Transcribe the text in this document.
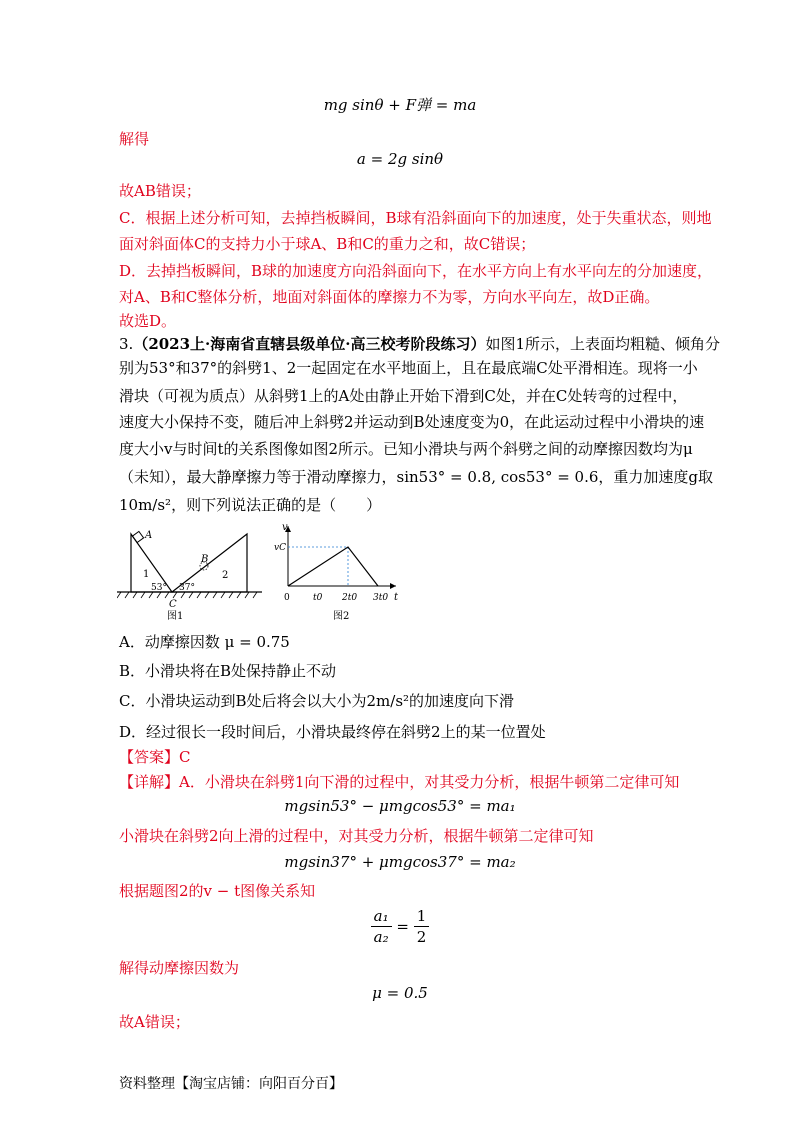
mg sinθ + F弹 = ma
解得
a = 2g sinθ
故AB错误；
C．根据上述分析可知，去掉挡板瞬间，B球有沿斜面向下的加速度，处于失重状态，则地
面对斜面体C的支持力小于球A、B和C的重力之和，故C错误；
D．去掉挡板瞬间，B球的加速度方向沿斜面向下，在水平方向上有水平向左的分加速度，
对A、B和C整体分析，地面对斜面体的摩擦力不为零，方向水平向左，故D正确。
故选D。
3.（2023上·海南省直辖县级单位·高三校考阶段练习）如图1所示，上表面均粗糙、倾角分
别为53°和37°的斜劈1、2一起固定在水平地面上，且在最底端C处平滑相连。现将一小
滑块（可视为质点）从斜劈1上的A处由静止开始下滑到C处，并在C处转弯的过程中，
速度大小保持不变，随后冲上斜劈2并运动到B处速度变为0，在此运动过程中小滑块的速
度大小v与时间t的关系图像如图2所示。已知小滑块与两个斜劈之间的动摩擦因数均为μ
（未知），最大静摩擦力等于滑动摩擦力，sin53° = 0.8, cos53° = 0.6，重力加速度g取
10m/s²，则下列说法正确的是（　　）
A
B
C
1	2
53° 37°
图1
v
vC
t
0	t0 2t0 3t0
图2
A．动摩擦因数 μ = 0.75
B．小滑块将在B处保持静止不动
C．小滑块运动到B处后将会以大小为2m/s²的加速度向下滑
D．经过很长一段时间后，小滑块最终停在斜劈2上的某一位置处
【答案】C
【详解】A．小滑块在斜劈1向下滑的过程中，对其受力分析，根据牛顿第二定律可知
mgsin53° − μmgcos53° = ma₁
小滑块在斜劈2向上滑的过程中，对其受力分析，根据牛顿第二定律可知
mgsin37° + μmgcos37° = ma₂
根据题图2的v − t图像关系知
$\frac{\text{a₁}}{\text{a₂}} = \frac{1}{2}$
解得动摩擦因数为
μ = 0.5
故A错误；
资料整理【淘宝店铺：向阳百分百】
